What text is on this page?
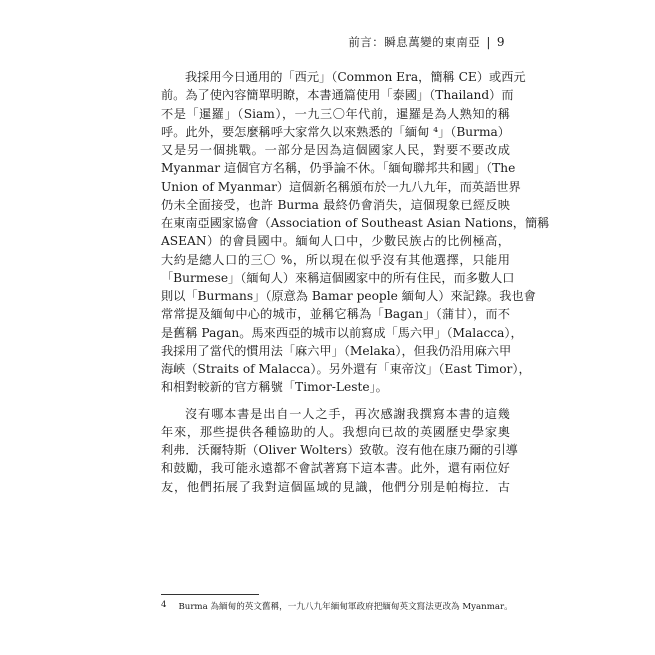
前言：瞬息萬變的東南亞 | 9

我採用今日通用的「西元」（Common Era，簡稱 CE）或西元
前。為了使內容簡單明瞭，本書通篇使用「泰國」（Thailand）而
不是「暹羅」（Siam），一九三〇年代前，暹羅是為人熟知的稱
呼。此外，要怎麼稱呼大家常久以來熟悉的「緬甸 ⁴」（Burma）
又是另一個挑戰。一部分是因為這個國家人民，對要不要改成
Myanmar 這個官方名稱，仍爭論不休。「緬甸聯邦共和國」（The
Union of Myanmar）這個新名稱頒布於一九八九年，而英語世界
仍未全面接受，也許 Burma 最終仍會消失，這個現象已經反映
在東南亞國家協會（Association of Southeast Asian Nations，簡稱
ASEAN）的會員國中。緬甸人口中，少數民族占的比例極高，
大約是總人口的三〇 %，所以現在似乎沒有其他選擇，只能用
「Burmese」（緬甸人）來稱這個國家中的所有住民，而多數人口
則以「Burmans」（原意為 Bamar people 緬甸人）來記錄。我也會
常常提及緬甸中心的城市，並稱它稱為「Bagan」（蒲甘），而不
是舊稱 Pagan。馬來西亞的城市以前寫成「馬六甲」（Malacca），
我採用了當代的慣用法「麻六甲」（Melaka），但我仍沿用麻六甲
海峽（Straits of Malacca）。另外還有「東帝汶」（East Timor），
和相對較新的官方稱號「Timor-Leste」。

沒有哪本書是出自一人之手，再次感謝我撰寫本書的這幾
年來，那些提供各種協助的人。我想向已故的英國歷史學家奧
利弗．沃爾特斯（Oliver Wolters）致敬。沒有他在康乃爾的引導
和鼓勵，我可能永遠都不會試著寫下這本書。此外，還有兩位好
友，他們拓展了我對這個區域的見識，他們分別是帕梅拉．古

4 Burma 為緬甸的英文舊稱，一九八九年緬甸軍政府把緬甸英文寫法更改為 Myanmar。
